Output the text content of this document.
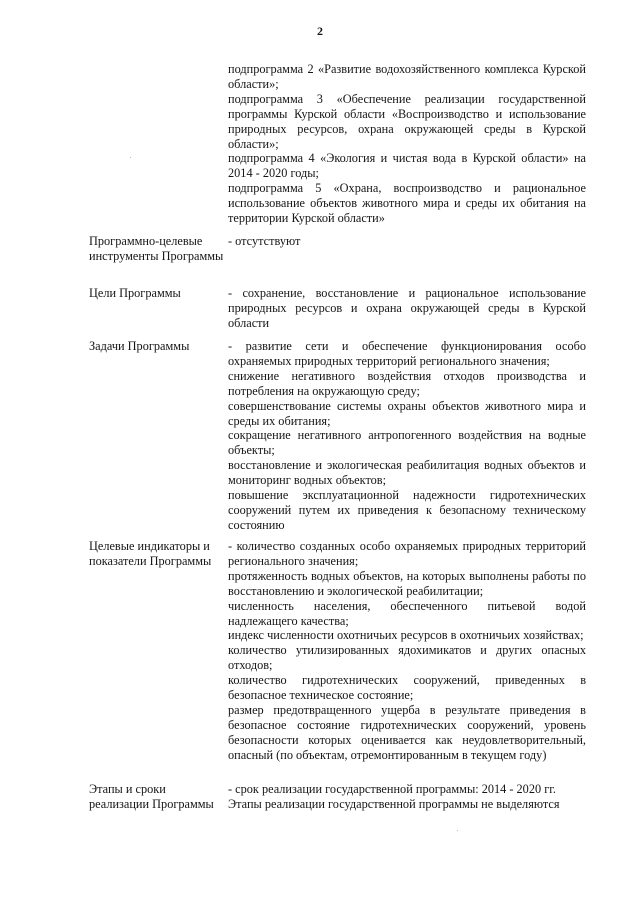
2

подпрограмма 2 «Развитие водохозяйственного комплекса Курской области»;

подпрограмма 3 «Обеспечение реализации государственной программы Курской области «Воспроизводство и использование природных ресурсов, охрана окружающей среды в Курской области»;

подпрограмма 4 «Экология и чистая вода в Курской области» на 2014 - 2020 годы;

подпрограмма 5 «Охрана, воспроизводство и рациональное использование объектов животного мира и среды их обитания на территории Курской области»

Программно-целевые инструменты Программы

- отсутствуют

Цели Программы	- сохранение, восстановление и рациональное использование природных ресурсов и охрана окружающей среды в Курской области

Задачи Программы	- развитие сети и обеспечение функционирования особо охраняемых природных территорий регионального значения;

снижение негативного воздействия отходов производства и потребления на окружающую среду;

совершенствование системы охраны объектов животного мира и среды их обитания;

сокращение негативного антропогенного воздействия на водные объекты;

восстановление и экологическая реабилитация водных объектов и мониторинг водных объектов;

повышение эксплуатационной надежности гидротехнических сооружений путем их приведения к безопасному техническому состоянию

Целевые индикаторы и показатели Программы

- количество созданных особо охраняемых природных территорий регионального значения;

протяженность водных объектов, на которых выполнены работы по восстановлению и экологической реабилитации;

численность населения, обеспеченного питьевой водой надлежащего качества;

индекс численности охотничьих ресурсов в охотничьих хозяйствах;

количество утилизированных ядохимикатов и других опасных отходов;

количество гидротехнических сооружений, приведенных в безопасное техническое состояние;

размер предотвращенного ущерба в результате приведения в безопасное состояние гидротехнических сооружений, уровень безопасности которых оценивается как неудовлетворительный, опасный (по объектам, отремонтированным в текущем году)

Этапы и сроки реализации Программы

- срок реализации государственной программы: 2014 - 2020 гг.

Этапы реализации государственной программы не выделяются
